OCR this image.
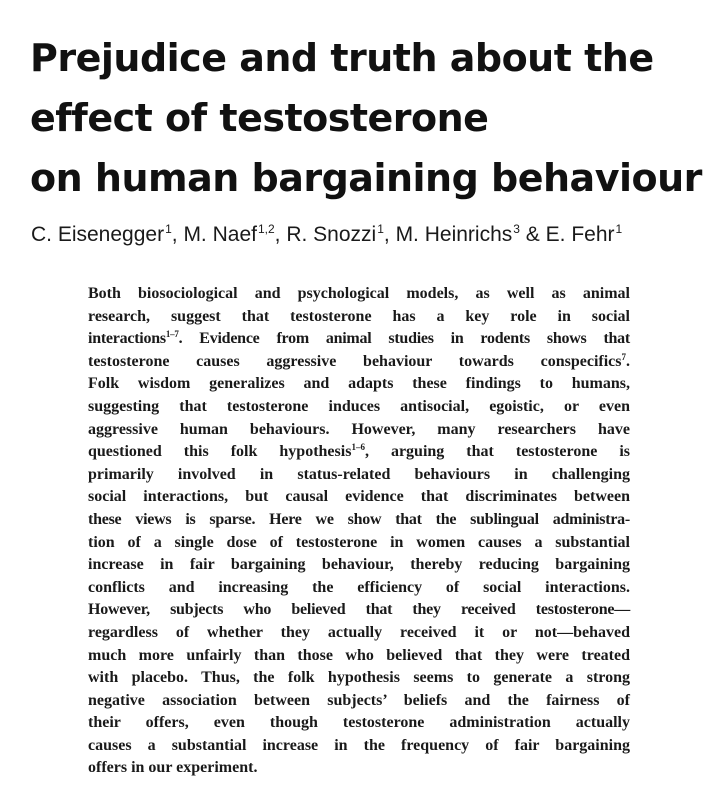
Prejudice and truth about the
effect of testosterone
on human bargaining behaviour

C. Eisenegger$^1$, M. Naef$^{1,2}$, R. Snozzi$^1$, M. Heinrichs$^3$ & E. Fehr$^1$

Both biosociological and psychological models, as well as animal
research, suggest that testosterone has a key role in social
interactions$^{1-7}$. Evidence from animal studies in rodents shows that
testosterone causes aggressive behaviour towards conspecifics$^7$.
Folk wisdom generalizes and adapts these findings to humans,
suggesting that testosterone induces antisocial, egoistic, or even
aggressive human behaviours. However, many researchers have
questioned this folk hypothesis$^{1-6}$, arguing that testosterone is
primarily involved in status-related behaviours in challenging
social interactions, but causal evidence that discriminates between
these views is sparse. Here we show that the sublingual administra-
tion of a single dose of testosterone in women causes a substantial
increase in fair bargaining behaviour, thereby reducing bargaining
conflicts and increasing the efficiency of social interactions.
However, subjects who believed that they received testosterone—
regardless of whether they actually received it or not—behaved
much more unfairly than those who believed that they were treated
with placebo. Thus, the folk hypothesis seems to generate a strong
negative association between subjects’ beliefs and the fairness of
their offers, even though testosterone administration actually
causes a substantial increase in the frequency of fair bargaining
offers in our experiment.
